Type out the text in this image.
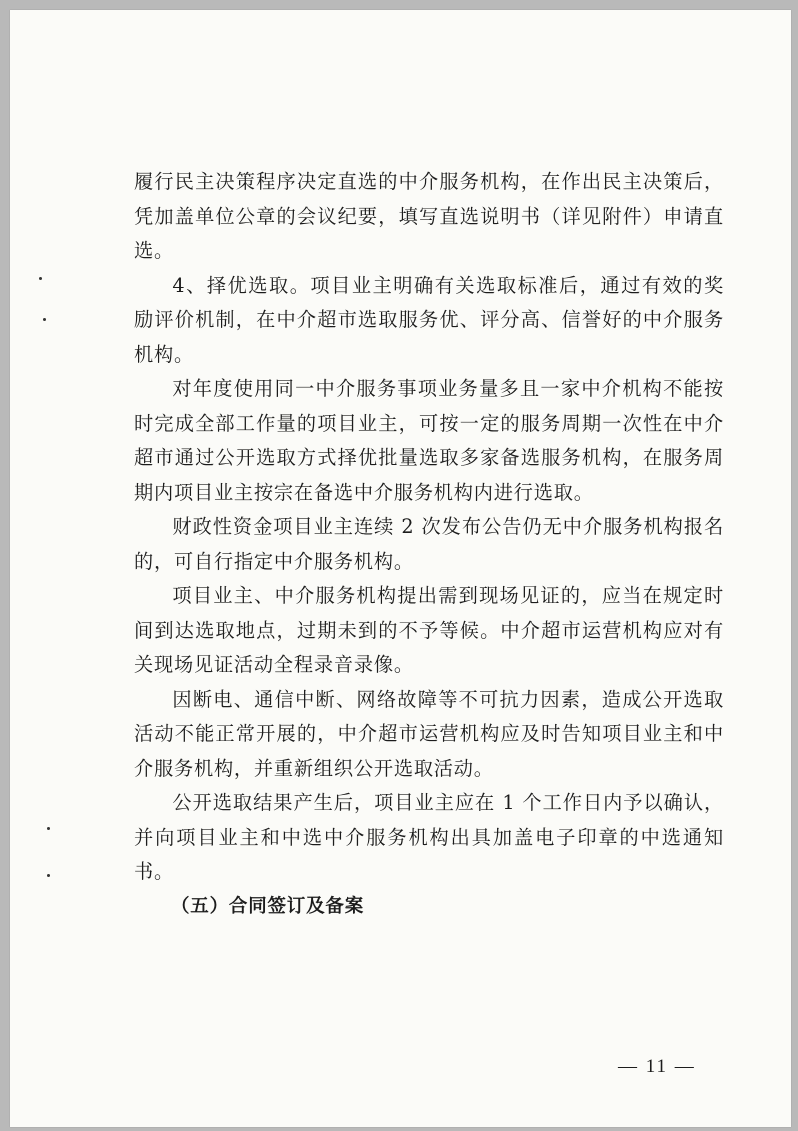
履行民主决策程序决定直选的中介服务机构，在作出民主决策后，凭加盖单位公章的会议纪要，填写直选说明书（详见附件）申请直选。

4、择优选取。项目业主明确有关选取标准后，通过有效的奖励评价机制，在中介超市选取服务优、评分高、信誉好的中介服务机构。

对年度使用同一中介服务事项业务量多且一家中介机构不能按时完成全部工作量的项目业主，可按一定的服务周期一次性在中介超市通过公开选取方式择优批量选取多家备选服务机构，在服务周期内项目业主按宗在备选中介服务机构内进行选取。

财政性资金项目业主连续 2 次发布公告仍无中介服务机构报名的，可自行指定中介服务机构。

项目业主、中介服务机构提出需到现场见证的，应当在规定时间到达选取地点，过期未到的不予等候。中介超市运营机构应对有关现场见证活动全程录音录像。

因断电、通信中断、网络故障等不可抗力因素，造成公开选取活动不能正常开展的，中介超市运营机构应及时告知项目业主和中介服务机构，并重新组织公开选取活动。

公开选取结果产生后，项目业主应在 1 个工作日内予以确认，并向项目业主和中选中介服务机构出具加盖电子印章的中选通知书。

（五）合同签订及备案

— 11 —
